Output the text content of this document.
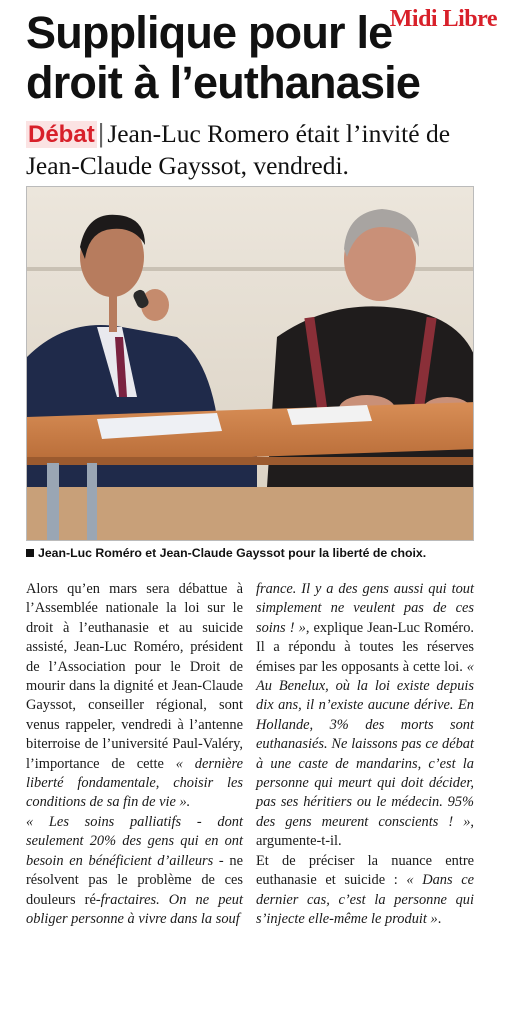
Midi Libre
Supplique pour le droit à l’euthanasie
Débat | Jean-Luc Romero était l’invité de Jean-Claude Gayssot, vendredi.
Jean-Luc Roméro et Jean-Claude Gayssot pour la liberté de choix.

Alors qu’en mars sera débattue à l’Assemblée nationale la loi sur le droit à l’euthanasie et au suicide assisté, Jean-Luc Roméro, président de l’Association pour le Droit de mourir dans la dignité et Jean-Claude Gayssot, conseiller régional, sont venus rappeler, vendredi à l’antenne biterroise de l’université Paul-Valéry, l’importance de cette « dernière liberté fondamentale, choisir les conditions de sa fin de vie ».

« Les soins palliatifs - dont seulement 20% des gens qui en ont besoin en bénéficient d’ailleurs - ne résolvent pas le problème de ces douleurs ré-fractaires. On ne peut obliger personne à vivre dans la souf

france. Il y a des gens aussi qui tout simplement ne veulent pas de ces soins ! », explique Jean-Luc Roméro. Il a répondu à toutes les réserves émises par les opposants à cette loi. « Au Benelux, où la loi existe depuis dix ans, il n’existe aucune dérive. En Hollande, 3% des morts sont euthanasiés. Ne laissons pas ce débat à une caste de mandarins, c’est la personne qui meurt qui doit décider, pas ses héritiers ou le médecin. 95% des gens meurent conscients ! », argumente-t-il.

Et de préciser la nuance entre euthanasie et suicide : « Dans ce dernier cas, c’est la personne qui s’injecte elle-même le produit ».
